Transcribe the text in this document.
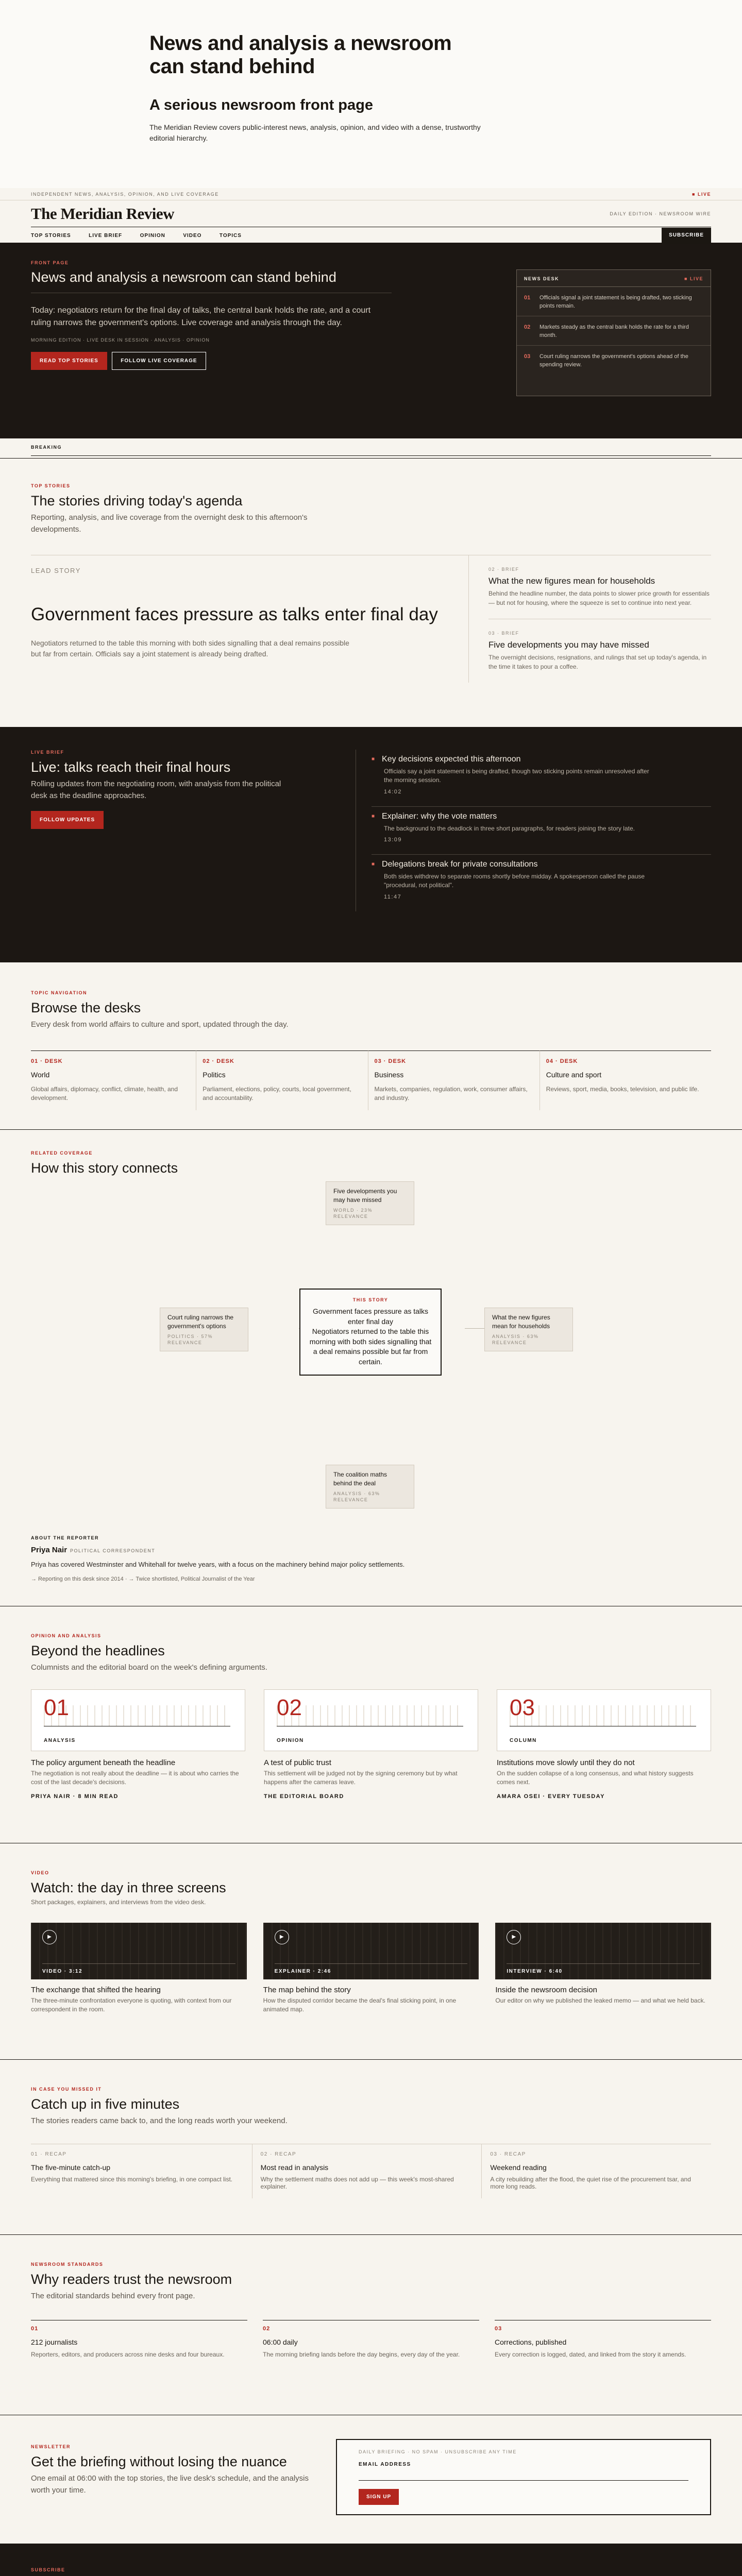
News and analysis a newsroom can stand behind
A serious newsroom front page

The Meridian Review covers public-interest news, analysis, opinion, and video with a dense, trustworthy editorial hierarchy.

INDEPENDENT NEWS, ANALYSIS, OPINION, AND LIVE COVERAGE	■ LIVE
The Meridian Review	DAILY EDITION · NEWSROOM WIRE
TOP STORIES	LIVE BRIEF	OPINION	VIDEO	TOPICS	SUBSCRIBE
FRONT PAGE
News and analysis a newsroom can stand behind

Today: negotiators return for the final day of talks, the central bank holds the rate, and a court ruling narrows the government's options. Live coverage and analysis through the day.

MORNING EDITION · LIVE DESK IN SESSION · ANALYSIS · OPINION
READ TOP STORIES	FOLLOW LIVE COVERAGE
NEWS DESK	■ LIVE
01	Officials signal a joint statement is being drafted, two sticking points remain.
02	Markets steady as the central bank holds the rate for a third month.
03	Court ruling narrows the government's options ahead of the spending review.
BREAKING
TOP STORIES
The stories driving today's agenda

Reporting, analysis, and live coverage from the overnight desk to this afternoon's developments.

LEAD STORY
Government faces pressure as talks enter final day

Negotiators returned to the table this morning with both sides signalling that a deal remains possible but far from certain. Officials say a joint statement is already being drafted.

02 · BRIEF
What the new figures mean for households

Behind the headline number, the data points to slower price growth for essentials — but not for housing, where the squeeze is set to continue into next year.

03 · BRIEF
Five developments you may have missed

The overnight decisions, resignations, and rulings that set up today's agenda, in the time it takes to pour a coffee.

LIVE BRIEF
Live: talks reach their final hours

Rolling updates from the negotiating room, with analysis from the political desk as the deadline approaches.

FOLLOW UPDATES
■ Key decisions expected this afternoon

Officials say a joint statement is being drafted, though two sticking points remain unresolved after the morning session.

14:02
■ Explainer: why the vote matters

The background to the deadlock in three short paragraphs, for readers joining the story late.

13:09
■ Delegations break for private consultations

Both sides withdrew to separate rooms shortly before midday. A spokesperson called the pause "procedural, not political".

11:47
TOPIC NAVIGATION
Browse the desks

Every desk from world affairs to culture and sport, updated through the day.

01 · DESK
World

Global affairs, diplomacy, conflict, climate, health, and development.

02 · DESK
Politics

Parliament, elections, policy, courts, local government, and accountability.

03 · DESK
Business

Markets, companies, regulation, work, consumer affairs, and industry.

04 · DESK
Culture and sport

Reviews, sport, media, books, television, and public life.

RELATED COVERAGE
How this story connects
Five developments you may have missed
WORLD · 23% RELEVANCE
Court ruling narrows the government's options
POLITICS · 57% RELEVANCE
What the new figures mean for households
ANALYSIS · 63% RELEVANCE
The coalition maths behind the deal
ANALYSIS · 63% RELEVANCE
THIS STORY
Government faces pressure as talks enter final day
Negotiators returned to the table this morning with both sides signalling that a deal remains possible but far from certain.
ABOUT THE REPORTER
Priya Nair POLITICAL CORRESPONDENT

Priya has covered Westminster and Whitehall for twelve years, with a focus on the machinery behind major policy settlements.

→ Reporting on this desk since 2014 · → Twice shortlisted, Political Journalist of the Year
OPINION AND ANALYSIS
Beyond the headlines

Columnists and the editorial board on the week's defining arguments.

01
ANALYSIS
The policy argument beneath the headline

The negotiation is not really about the deadline — it is about who carries the cost of the last decade's decisions.

PRIYA NAIR · 8 MIN READ
02
OPINION
A test of public trust

This settlement will be judged not by the signing ceremony but by what happens after the cameras leave.

THE EDITORIAL BOARD
03
COLUMN
Institutions move slowly until they do not

On the sudden collapse of a long consensus, and what history suggests comes next.

AMARA OSEI · EVERY TUESDAY
VIDEO
Watch: the day in three screens

Short packages, explainers, and interviews from the video desk.

▶
VIDEO · 3:12
The exchange that shifted the hearing

The three-minute confrontation everyone is quoting, with context from our correspondent in the room.

▶
EXPLAINER · 2:46
The map behind the story

How the disputed corridor became the deal's final sticking point, in one animated map.

▶
INTERVIEW · 6:40
Inside the newsroom decision

Our editor on why we published the leaked memo — and what we held back.

IN CASE YOU MISSED IT
Catch up in five minutes

The stories readers came back to, and the long reads worth your weekend.

01 · RECAP
The five-minute catch-up

Everything that mattered since this morning's briefing, in one compact list.

02 · RECAP
Most read in analysis

Why the settlement maths does not add up — this week's most-shared explainer.

03 · RECAP
Weekend reading

A city rebuilding after the flood, the quiet rise of the procurement tsar, and more long reads.

NEWSROOM STANDARDS
Why readers trust the newsroom

The editorial standards behind every front page.

01
212 journalists

Reporters, editors, and producers across nine desks and four bureaux.

02
06:00 daily

The morning briefing lands before the day begins, every day of the year.

03
Corrections, published

Every correction is logged, dated, and linked from the story it amends.

NEWSLETTER
Get the briefing without losing the nuance

One email at 06:00 with the top stories, the live desk's schedule, and the analysis worth your time.

DAILY BRIEFING · NO SPAM · UNSUBSCRIBE ANY TIME
EMAIL ADDRESS
SIGN UP
SUBSCRIBE
